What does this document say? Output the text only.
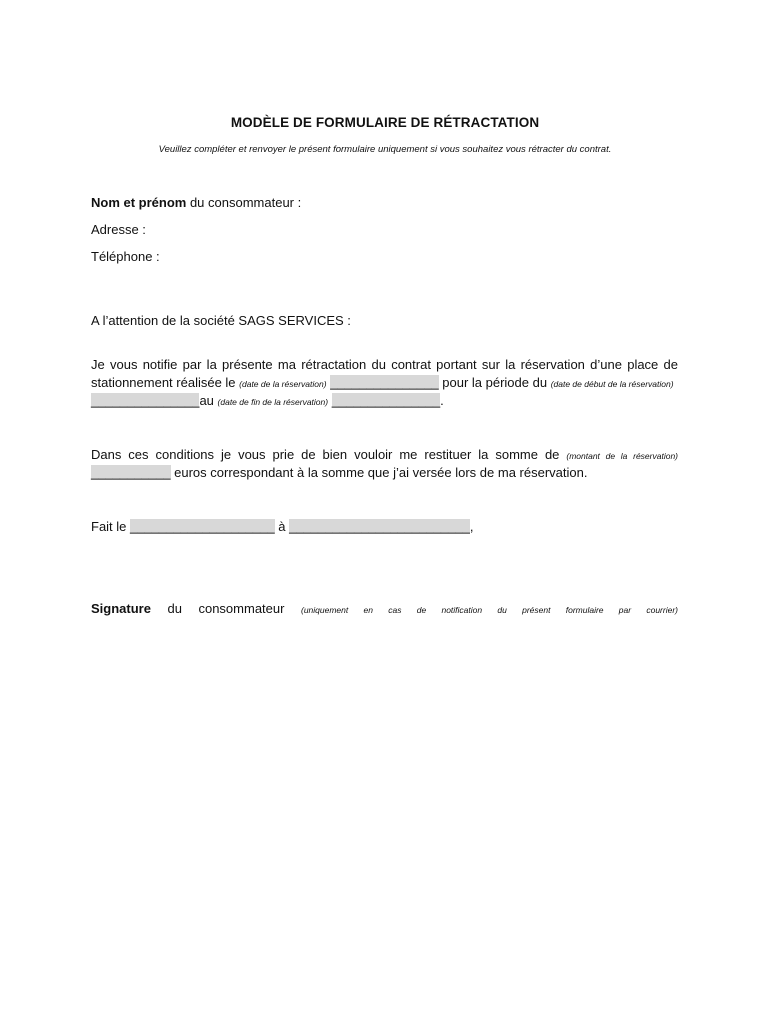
MODÈLE DE FORMULAIRE DE RÉTRACTATION
Veuillez compléter et renvoyer le présent formulaire uniquement si vous souhaitez vous rétracter du contrat.
Nom et prénom du consommateur :
Adresse :
Téléphone :
A l’attention de la société SAGS SERVICES :
Je vous notifie par la présente ma rétractation du contrat portant sur la réservation d’une place de
stationnement réalisée le (date de la réservation) _______________ pour la période du (date de début de la réservation)
_______________au (date de fin de la réservation) _______________.
Dans ces conditions je vous prie de bien vouloir me restituer la somme de (montant de la réservation)
___________ euros correspondant à la somme que j’ai versée lors de ma réservation.
Fait le ____________________ à _________________________,
Signature du consommateur (uniquement en cas de notification du présent formulaire par courrier)
